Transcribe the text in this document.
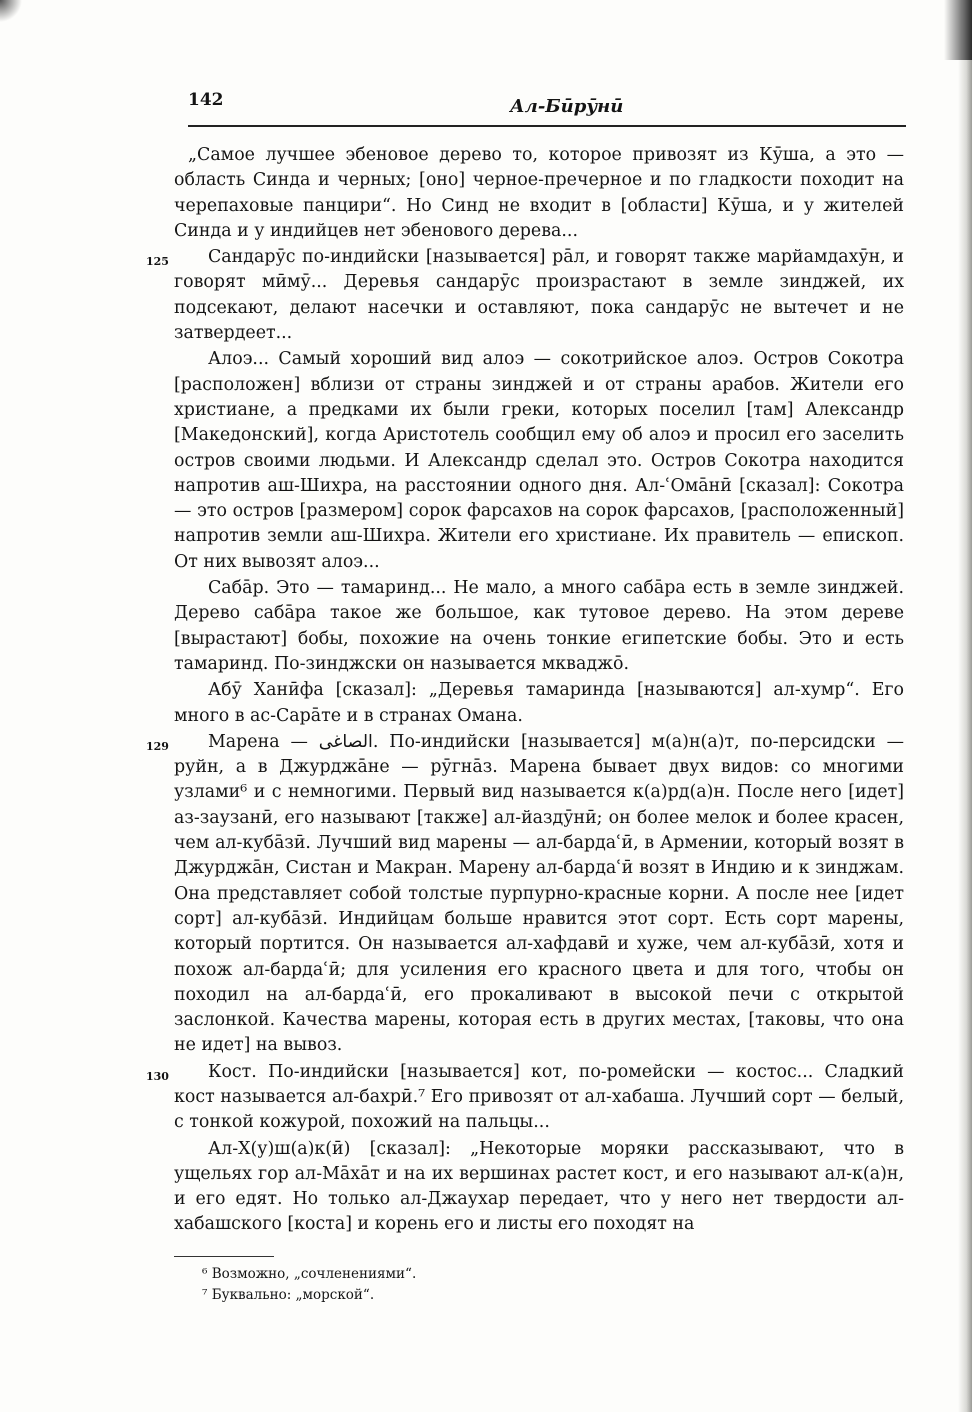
142	Ал-Бӣрӯнӣ

„Самое лучшее эбеновое дерево то, которое привозят из Кӯша, а это — область Синда и черных; [оно] черное-пречерное и по гладкости походит на черепаховые панцири“. Но Синд не входит в [области] Кӯша, и у жителей Синда и у индийцев нет эбенового дерева...

125 Сандарӯс по-индийски [называется] рāл, и говорят также марйамдахӯн, и говорят мӣмӯ... Деревья сандарӯс произрастают в земле зинджей, их подсекают, делают насечки и оставляют, пока сандарӯс не вытечет и не затвердеет...

Алоэ... Самый хороший вид алоэ — сокотрийское алоэ. Остров Сокотра [расположен] вблизи от страны зинджей и от страны арабов. Жители его христиане, а предками их были греки, которых поселил [там] Александр [Македонский], когда Аристотель сообщил ему об алоэ и просил его заселить остров своими людьми. И Александр сделал это. Остров Сокотра находится напротив аш-Шихра, на расстоянии одного дня. Ал-ʿОмāнӣ [сказал]: Сокотра — это остров [размером] сорок фарсахов на сорок фарсахов, [расположенный] напротив земли аш-Шихра. Жители его христиане. Их правитель — епископ. От них вывозят алоэ...

Сабāр. Это — тамаринд... Не мало, а много сабāра есть в земле зинджей. Дерево сабāра такое же большое, как тутовое дерево. На этом дереве [вырастают] бобы, похожие на очень тонкие египетские бобы. Это и есть тамаринд. По-зинджски он называется мкваджō.

Абӯ Ханӣфа [сказал]: „Деревья тамаринда [называются] ал-хумр“. Его много в ас-Сарāте и в странах Омана.

129 Марена — الصاغى. По-индийски [называется] м(а)н(а)т, по-персидски — руйн, а в Джурджāне — рӯгнāз. Марена бывает двух видов: со многими узлами⁶ и с немногими. Первый вид называется к(а)рд(а)н. После него [идет] аз-заузанӣ, его называют [также] ал-йаздӯнӣ; он более мелок и более красен, чем ал-кубāзӣ. Лучший вид марены — ал-бардаʿӣ, в Армении, который возят в Джурджāн, Систан и Макран. Марену ал-бардаʿӣ возят в Индию и к зинджам. Она представляет собой толстые пурпурно-красные корни. А после нее [идет сорт] ал-кубāзӣ. Индийцам больше нравится этот сорт. Есть сорт марены, который портится. Он называется ал-хафдавӣ и хуже, чем ал-кубāзӣ, хотя и похож ал-бардаʿӣ; для усиления его красного цвета и для того, чтобы он походил на ал-бардаʿӣ, его прокаливают в высокой печи с открытой заслонкой. Качества марены, которая есть в других местах, [таковы, что она не идет] на вывоз.

130 Кост. По-индийски [называется] кот, по-ромейски — костос... Сладкий кост называется ал-бахрӣ.⁷ Его привозят от ал-хабаша. Лучший сорт — белый, с тонкой кожурой, похожий на пальцы...

Ал-Х(у)ш(а)к(ӣ) [сказал]: „Некоторые моряки рассказывают, что в ущельях гор ал-Мāхāт и на их вершинах растет кост, и его называют ал-к(а)н, и его едят. Но только ал-Джаухар передает, что у него нет твердости ал-хабашского [коста] и корень его и листы его походят на

⁶ Возможно, „сочленениями“.

⁷ Буквально: „морской“.
